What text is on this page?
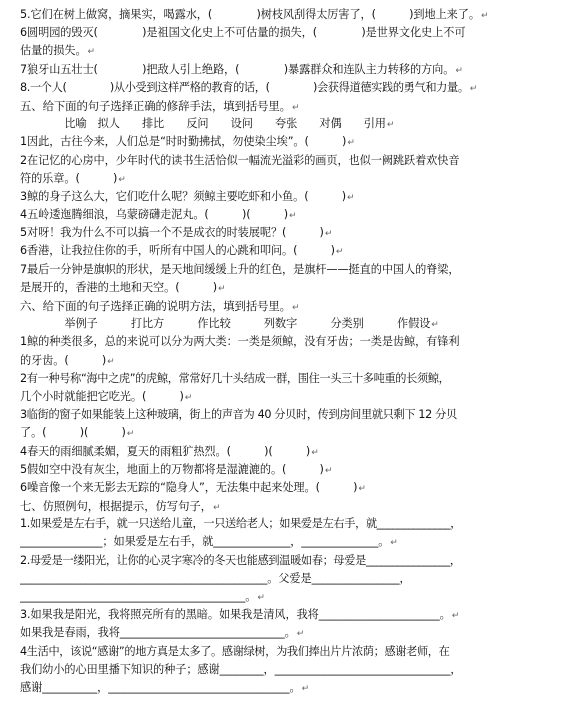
5.它们在树上做窝，摘果实，喝露水，(　　　　)树枝风刮得太厉害了，(　　　)到地上来了。↵
6圆明园的毁灭(　　　　)是祖国文化史上不可估量的损失，(　　　　)是世界文化史上不可
估量的损失。↵
7狼牙山五壮士(　　　　)把敌人引上绝路，(　　　　)暴露群众和连队主力转移的方向。↵
8.一个人(　　　　)从小受到这样严格的教育的话，(　　　　)会获得道德实践的勇气和力量。↵
五、给下面的句子选择正确的修辞手法，填到括号里。↵
　　　　比喻　拟人　　排比　　反问　　设问　　夸张　　对偶　　引用↵
1因此，古往今来，人们总是“时时勤拂拭，勿使染尘埃”。(　　　)↵
2在记忆的心房中，少年时代的读书生活恰似一幅流光溢彩的画页，也似一阙跳跃着欢快音
符的乐章。(　　　)↵
3鲸的身子这么大，它们吃什么呢？须鲸主要吃虾和小鱼。(　　　)↵
4五岭逶迤腾细浪，乌蒙磅礴走泥丸。(　　　)(　　　)↵
5对呀！我为什么不可以搞一个不是成衣的时装展呢？(　　　)↵
6香港，让我拉住你的手，听所有中国人的心跳和叩问。(　　　)↵
7最后一分钟是旗帜的形状，是天地间缓缓上升的红色，是旗杆——挺直的中国人的脊梁，
是展开的，香港的土地和天空。(　　　)↵
六、给下面的句子选择正确的说明方法，填到括号里。↵
　　　　举例子　　　打比方　　　作比较　　　列数字　　　分类别　　　作假设↵
1鲸的种类很多，总的来说可以分为两大类：一类是须鲸，没有牙齿；一类是齿鲸，有锋利
的牙齿。(　　　)↵
2有一种号称“海中之虎”的虎鲸，常常好几十头结成一群，围住一头三十多吨重的长须鲸，
几个小时就能把它吃光。(　　　)↵
3临街的窗子如果能装上这种玻璃，街上的声音为 40 分贝时，传到房间里就只剩下 12 分贝
了。(　　　)(　　　)↵
4春天的雨细腻柔媚，夏天的雨粗犷热烈。(　　　)(　　　)↵
5假如空中没有灰尘，地面上的万物都将是湿漉漉的。(　　　)↵
6噪音像一个来无影去无踪的“隐身人”，无法集中起来处理。(　　　)↵
七、仿照例句，根据提示，仿写句子，↵
1.如果爱是左右手，就一只送给儿童，一只送给老人；如果爱是左右手，就______________，
_______________；如果爱是左右手，就______________，______________。↵
2.母爱是一缕阳光，让你的心灵字寒冷的冬天也能感到温暖如春；母爱是________________，
_____________________________________________。父爱是________________，
_________________________________________。↵
3.如果我是阳光，我将照亮所有的黑暗。如果我是清风，我将______________________。↵
如果我是春雨，我将______________________________。↵
4生活中，该说“感谢”的地方真是太多了。感谢绿树，为我们捧出片片浓荫；感谢老师，在
我们幼小的心田里播下知识的种子；感谢________，________________________________，
感谢__________，_________________________________。↵
